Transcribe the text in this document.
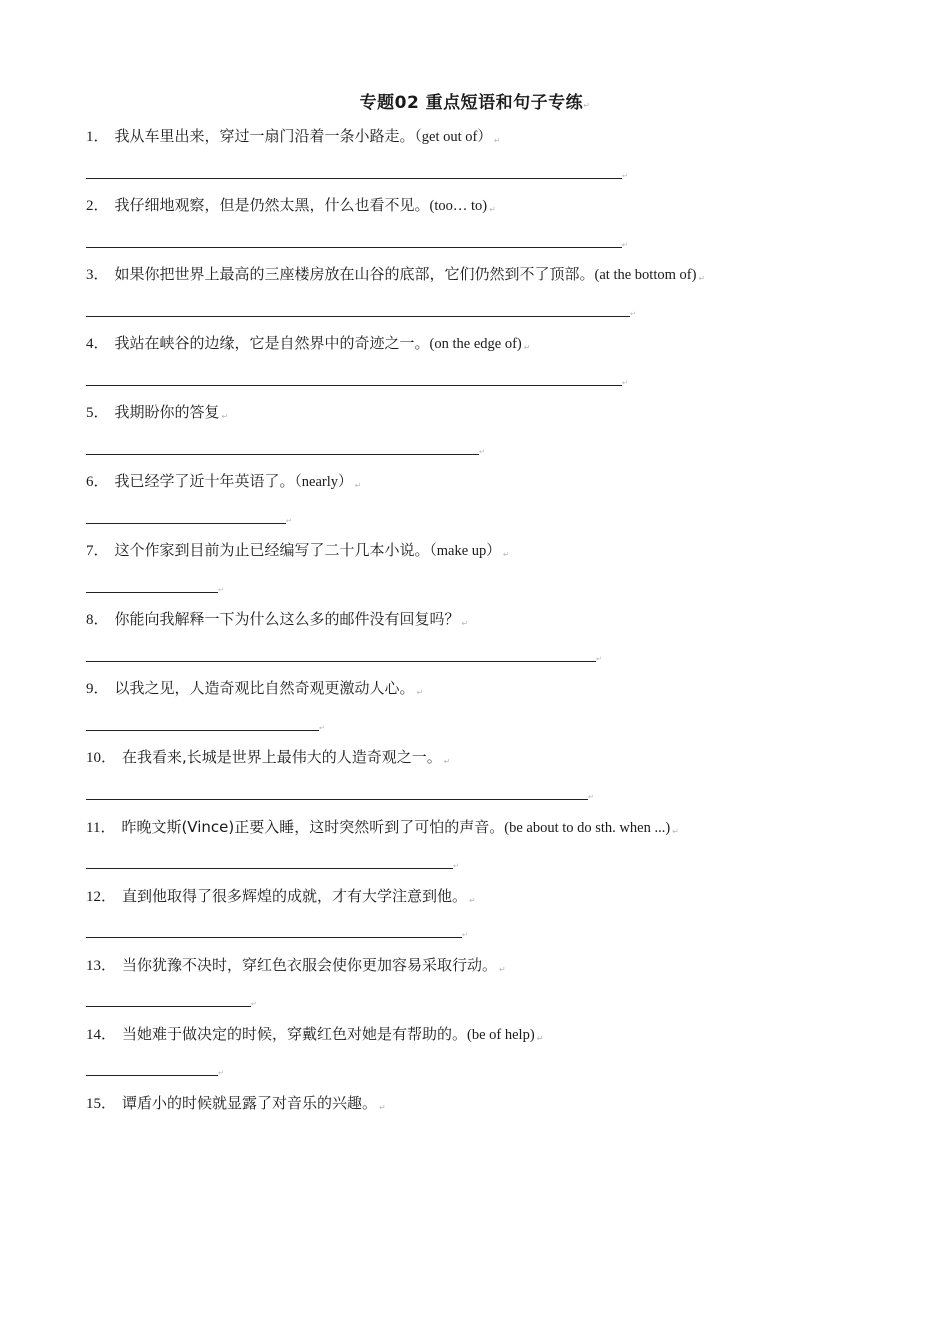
专题02 重点短语和句子专练↵
1． 我从车里出来，穿过一扇门沿着一条小路走。（get out of） ↵
↵
2． 我仔细地观察，但是仍然太黑，什么也看不见。(too… to) ↵
↵
3． 如果你把世界上最高的三座楼房放在山谷的底部，它们仍然到不了顶部。(at the bottom of) ↵
↵
4． 我站在峡谷的边缘，它是自然界中的奇迹之一。(on the edge of) ↵
↵
5． 我期盼你的答复 ↵
↵
6． 我已经学了近十年英语了。（nearly） ↵
↵
7． 这个作家到目前为止已经编写了二十几本小说。（make up） ↵
↵
8． 你能向我解释一下为什么这么多的邮件没有回复吗？ ↵
↵
9． 以我之见，人造奇观比自然奇观更激动人心。 ↵
↵
10． 在我看来,长城是世界上最伟大的人造奇观之一。 ↵
↵
11． 昨晚文斯(Vince)正要入睡，这时突然听到了可怕的声音。(be about to do sth. when ...) ↵
↵
12． 直到他取得了很多辉煌的成就，才有大学注意到他。 ↵
↵
13． 当你犹豫不决时，穿红色衣服会使你更加容易采取行动。 ↵
↵
14． 当她难于做决定的时候，穿戴红色对她是有帮助的。(be of help) ↵
↵
15． 谭盾小的时候就显露了对音乐的兴趣。 ↵
